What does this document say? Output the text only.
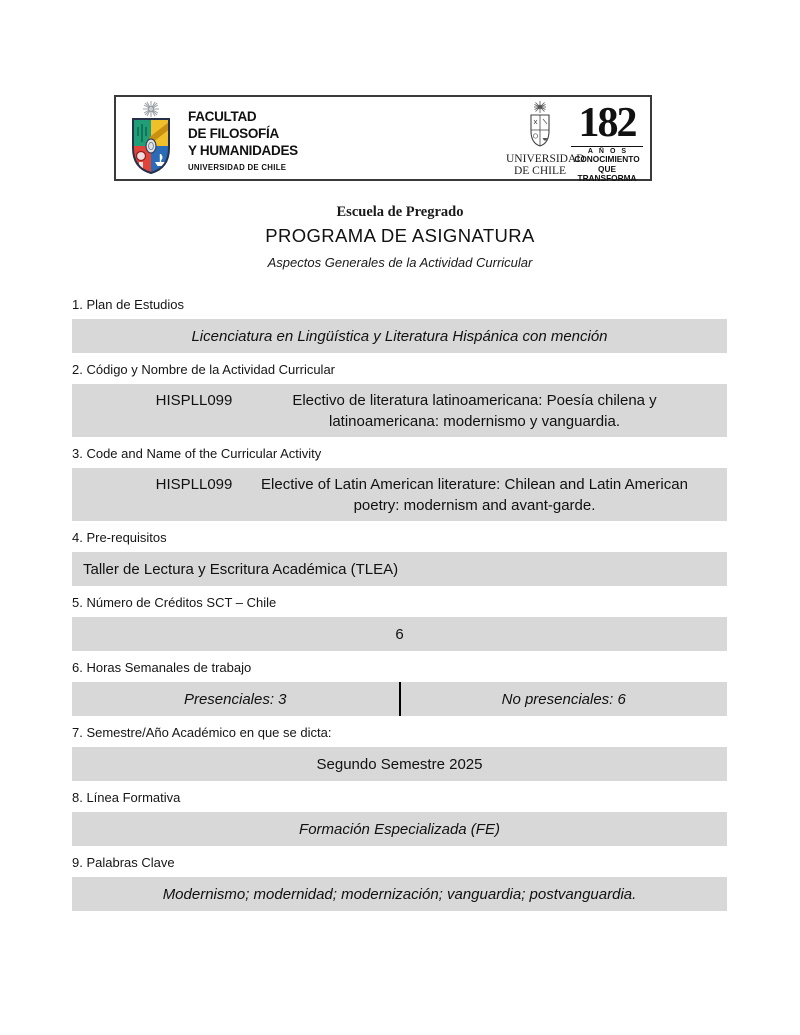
FACULTAD
DE FILOSOFÍA
Y HUMANIDADES
UNIVERSIDAD DE CHILE
UNIVERSIDAD
DE CHILE
182
AÑOS
CONOCIMIENTO
QUE TRANSFORMA
Escuela de Pregrado
PROGRAMA DE ASIGNATURA
Aspectos Generales de la Actividad Curricular
1. Plan de Estudios
Licenciatura en Lingüística y Literatura Hispánica con mención
2. Código y Nombre de la Actividad Curricular
HISPLL099	Electivo de literatura latinoamericana: Poesía chilena y
latinoamericana: modernismo y vanguardia.
3. Code and Name of the Curricular Activity
HISPLL099	Elective of Latin American literature: Chilean and Latin American
poetry: modernism and avant-garde.
4. Pre-requisitos
Taller de Lectura y Escritura Académica (TLEA)
5. Número de Créditos SCT – Chile
6
6. Horas Semanales de trabajo
Presenciales: 3	No presenciales: 6
7. Semestre/Año Académico en que se dicta:
Segundo Semestre 2025
8. Línea Formativa
Formación Especializada (FE)
9. Palabras Clave
Modernismo; modernidad; modernización; vanguardia; postvanguardia.
